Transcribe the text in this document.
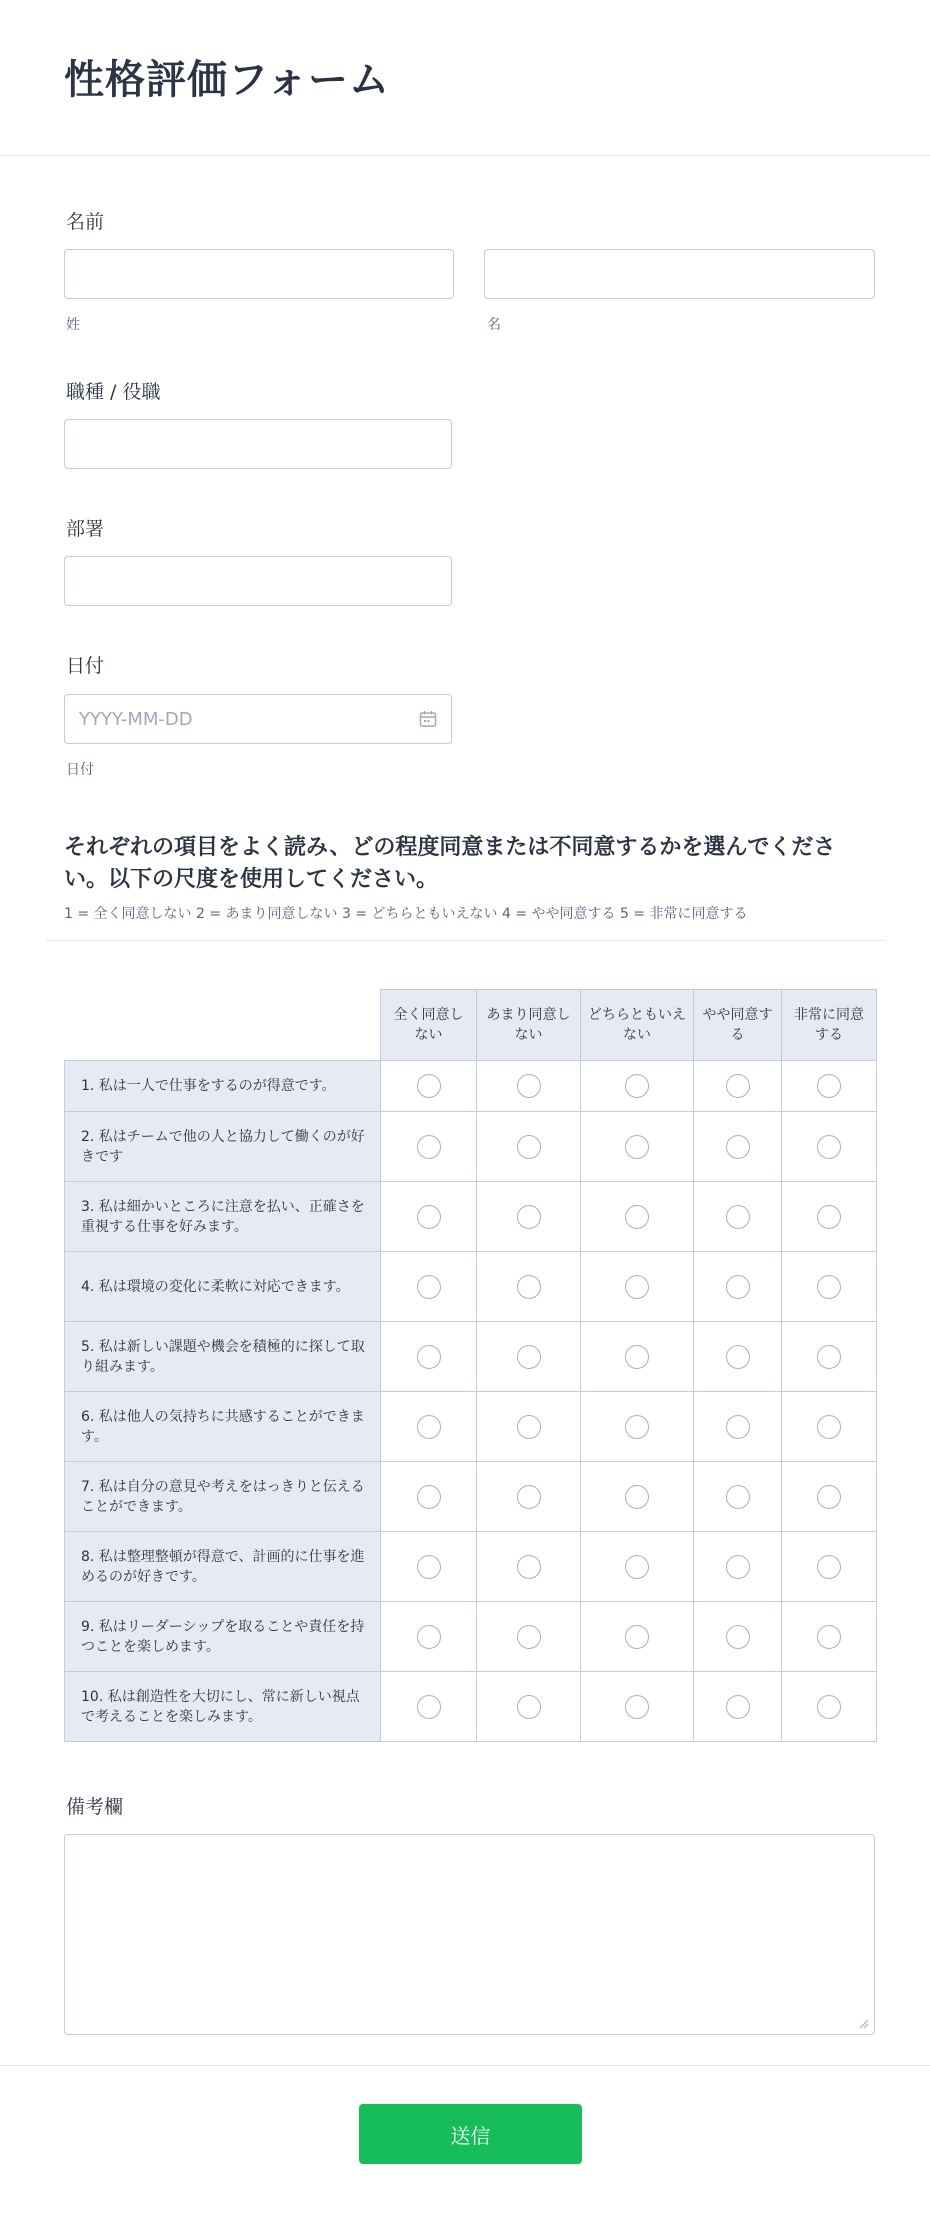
性格評価フォーム
名前
姓	名
職種 / 役職
部署
日付
YYYY-MM-DD
日付
それぞれの項目をよく読み、どの程度同意または不同意するかを選んでください。以下の尺度を使用してください。
1 = 全く同意しない 2 = あまり同意しない 3 = どちらともいえない 4 = やや同意する 5 = 非常に同意する
	全く同意しない	あまり同意しない	どちらともいえない	やや同意する	非常に同意する
1. 私は一人で仕事をするのが得意です。					
2. 私はチームで他の人と協力して働くのが好きです					
3. 私は細かいところに注意を払い、正確さを重視する仕事を好みます。					
4. 私は環境の変化に柔軟に対応できます。					
5. 私は新しい課題や機会を積極的に探して取り組みます。					
6. 私は他人の気持ちに共感することができます。					
7. 私は自分の意見や考えをはっきりと伝えることができます。					
8. 私は整理整頓が得意で、計画的に仕事を進めるのが好きです。					
9. 私はリーダーシップを取ることや責任を持つことを楽しめます。					
10. 私は創造性を大切にし、常に新しい視点で考えることを楽しみます。					
備考欄
送信
